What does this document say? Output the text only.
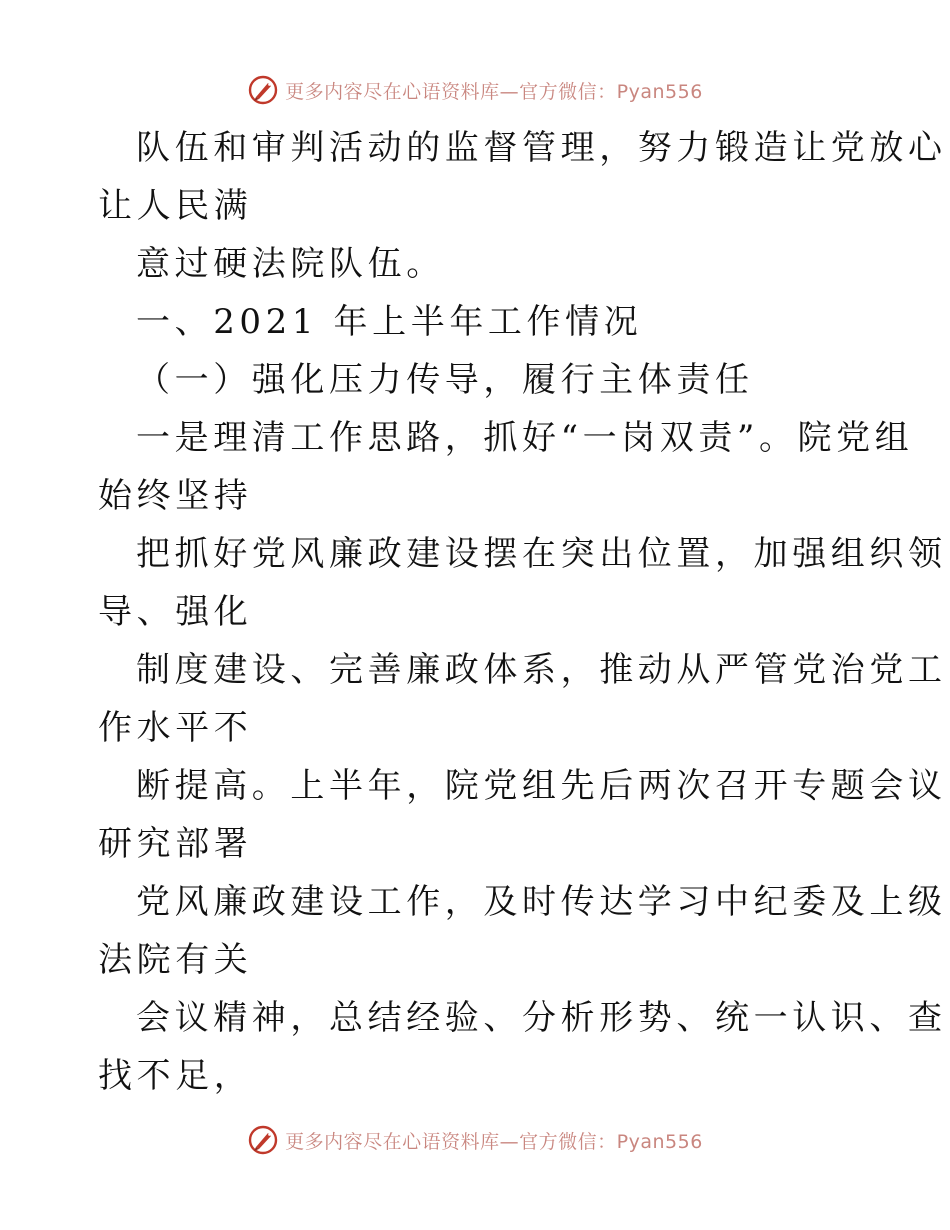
更多内容尽在心语资料库—官方微信：Pyan556
队伍和审判活动的监督管理，努力锻造让党放心
让人民满
意过硬法院队伍。
一、2021 年上半年工作情况
（一）强化压力传导，履行主体责任
一是理清工作思路，抓好“一岗双责”。院党组
始终坚持
把抓好党风廉政建设摆在突出位置，加强组织领
导、强化
制度建设、完善廉政体系，推动从严管党治党工
作水平不
断提高。上半年，院党组先后两次召开专题会议
研究部署
党风廉政建设工作，及时传达学习中纪委及上级
法院有关
会议精神，总结经验、分析形势、统一认识、查
找不足，
更多内容尽在心语资料库—官方微信：Pyan556
